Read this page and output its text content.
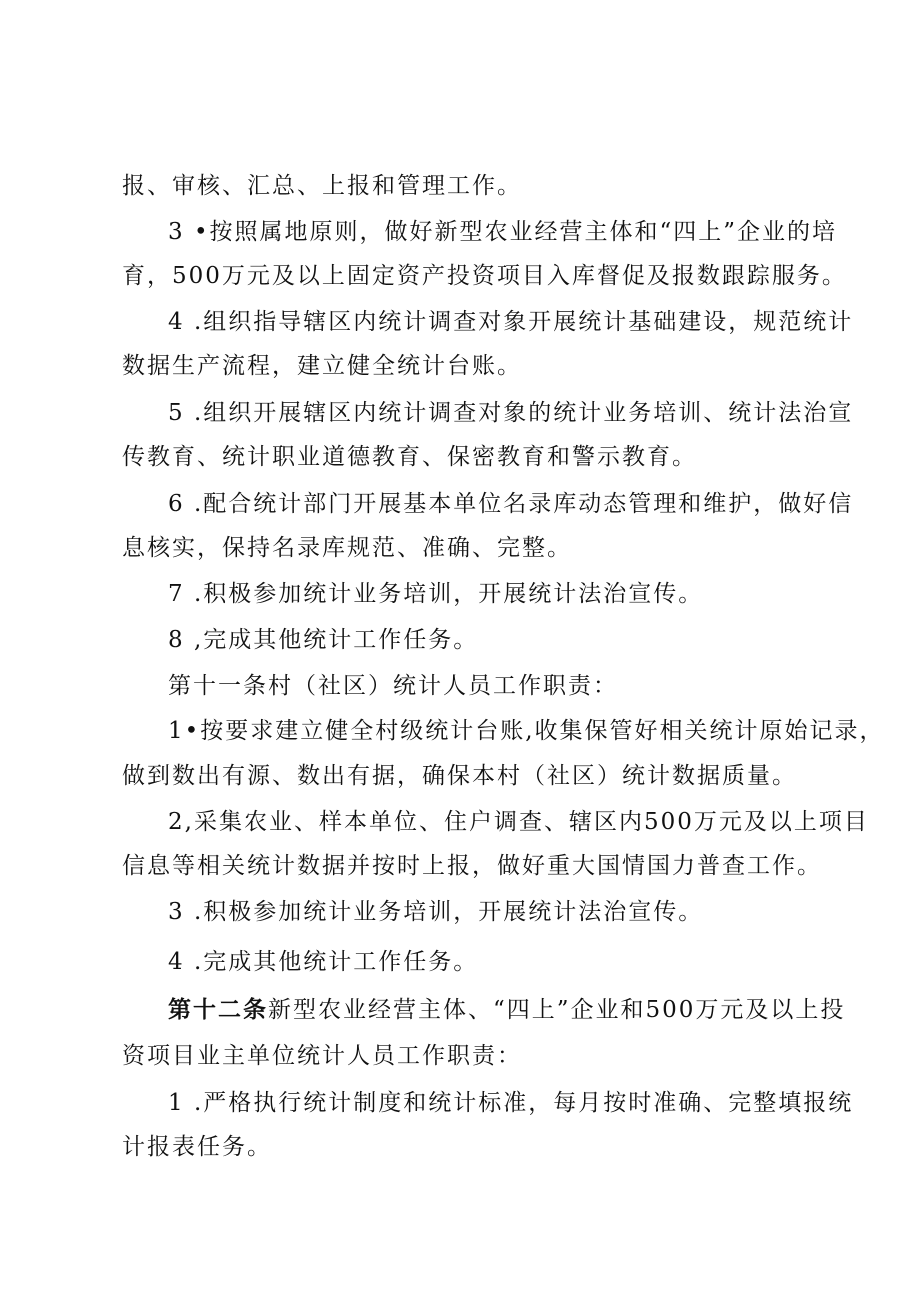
报、审核、汇总、上报和管理工作。
3 •按照属地原则，做好新型农业经营主体和“四上”企业的培
育，500万元及以上固定资产投资项目入库督促及报数跟踪服务。
4 .组织指导辖区内统计调查对象开展统计基础建设，规范统计
数据生产流程，建立健全统计台账。
5 .组织开展辖区内统计调查对象的统计业务培训、统计法治宣
传教育、统计职业道德教育、保密教育和警示教育。
6 .配合统计部门开展基本单位名录库动态管理和维护，做好信
息核实，保持名录库规范、准确、完整。
7 .积极参加统计业务培训，开展统计法治宣传。
8 ,完成其他统计工作任务。
第十一条村（社区）统计人员工作职责：
1•按要求建立健全村级统计台账,收集保管好相关统计原始记录，
做到数出有源、数出有据，确保本村（社区）统计数据质量。
2,采集农业、样本单位、住户调查、辖区内500万元及以上项目
信息等相关统计数据并按时上报，做好重大国情国力普查工作。
3 .积极参加统计业务培训，开展统计法治宣传。
4 .完成其他统计工作任务。
第十二条新型农业经营主体、“四上”企业和500万元及以上投
资项目业主单位统计人员工作职责：
1 .严格执行统计制度和统计标准，每月按时准确、完整填报统
计报表任务。
